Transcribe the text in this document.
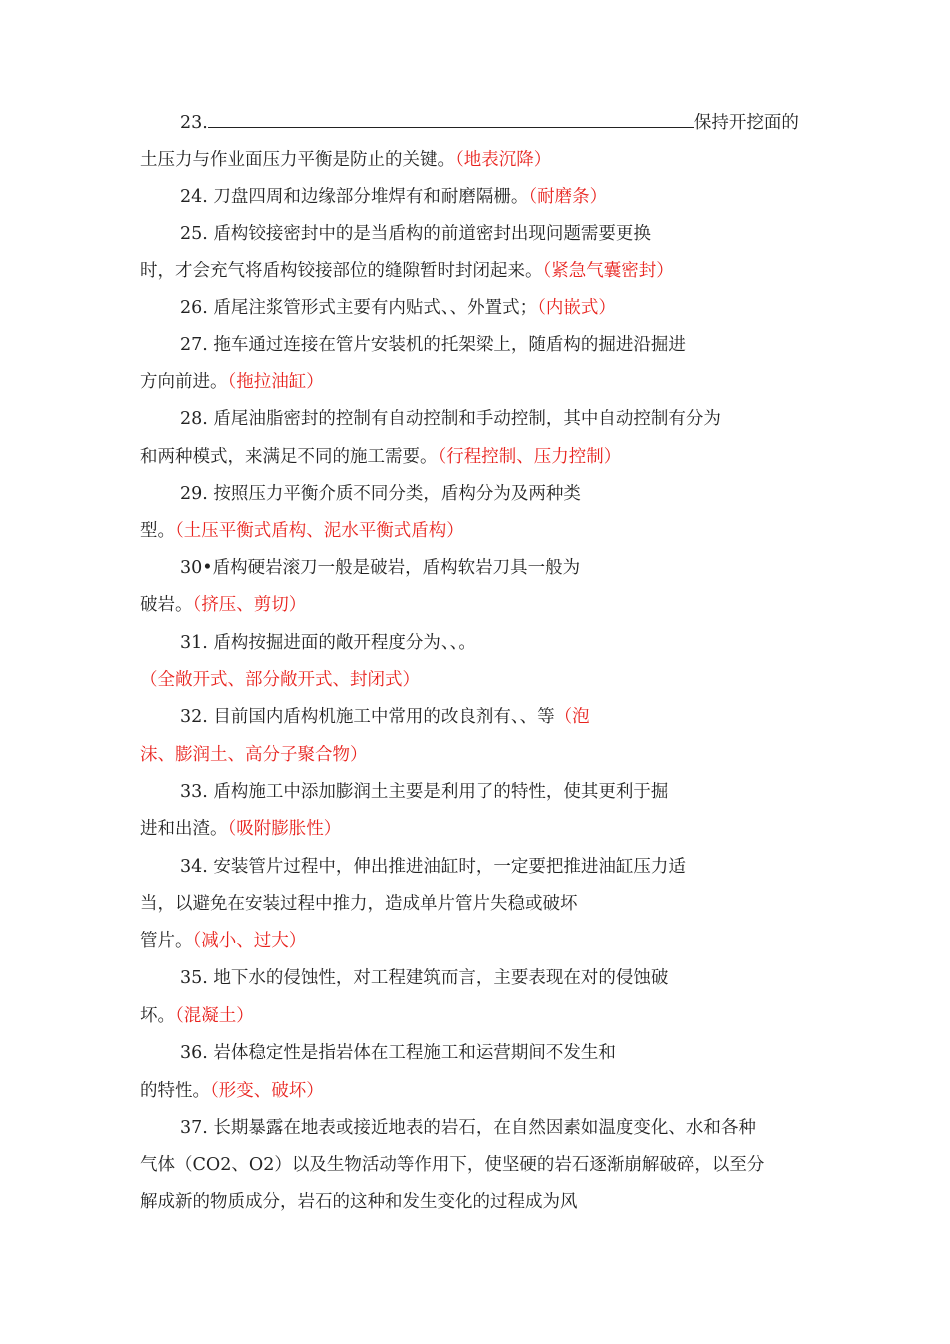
23.	保持开挖面的
土压力与作业面压力平衡是防止的关键。（地表沉降）
24. 刀盘四周和边缘部分堆焊有和耐磨隔栅。（耐磨条）
25. 盾构铰接密封中的是当盾构的前道密封出现问题需要更换
时，才会充气将盾构铰接部位的缝隙暂时封闭起来。（紧急气囊密封）
26. 盾尾注浆管形式主要有内贴式、、外置式；（内嵌式）
27. 拖车通过连接在管片安装机的托架梁上，随盾构的掘进沿掘进
方向前进。（拖拉油缸）
28. 盾尾油脂密封的控制有自动控制和手动控制，其中自动控制有分为
和两种模式，来满足不同的施工需要。（行程控制、压力控制）
29. 按照压力平衡介质不同分类，盾构分为及两种类
型。（土压平衡式盾构、泥水平衡式盾构）
30•盾构硬岩滚刀一般是破岩，盾构软岩刀具一般为
破岩。（挤压、剪切）
31. 盾构按掘进面的敞开程度分为、、。
（全敞开式、部分敞开式、封闭式）
32. 目前国内盾构机施工中常用的改良剂有、、等（泡
沫、膨润土、高分子聚合物）
33. 盾构施工中添加膨润土主要是利用了的特性，使其更利于掘
进和出渣。（吸附膨胀性）
34. 安装管片过程中，伸出推进油缸时，一定要把推进油缸压力适
当，以避免在安装过程中推力，造成单片管片失稳或破坏
管片。（减小、过大）
35. 地下水的侵蚀性，对工程建筑而言，主要表现在对的侵蚀破
坏。（混凝土）
36. 岩体稳定性是指岩体在工程施工和运营期间不发生和
的特性。（形变、破坏）
37. 长期暴露在地表或接近地表的岩石，在自然因素如温度变化、水和各种
气体（CO2、O2）以及生物活动等作用下，使坚硬的岩石逐渐崩解破碎，以至分
解成新的物质成分，岩石的这种和发生变化的过程成为风
